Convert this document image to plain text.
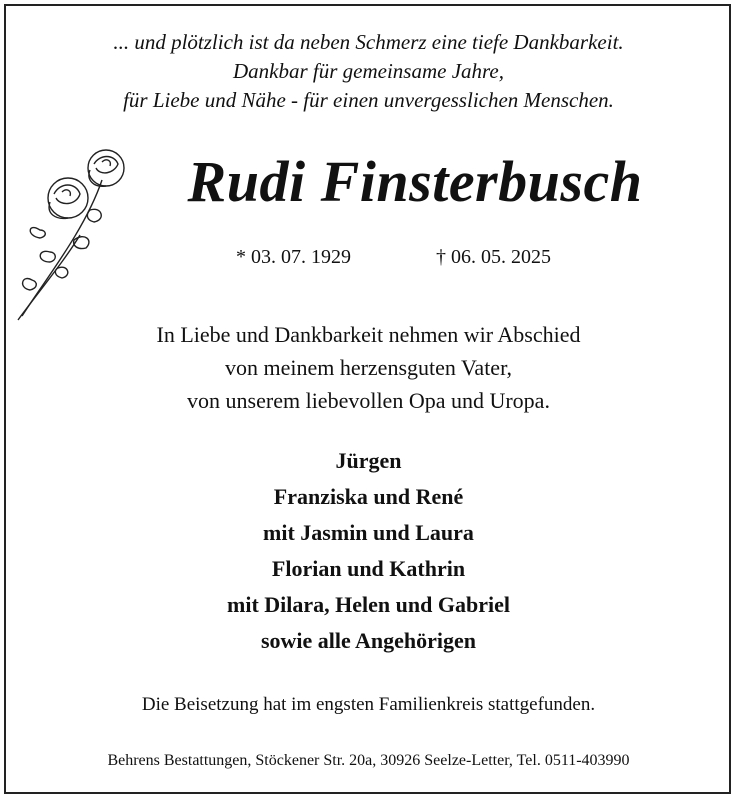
... und plötzlich ist da neben Schmerz eine tiefe Dankbarkeit.
Dankbar für gemeinsame Jahre,
für Liebe und Nähe - für einen unvergesslichen Menschen.
Rudi Finsterbusch
* 03. 07. 1929	† 06. 05. 2025
In Liebe und Dankbarkeit nehmen wir Abschied
von meinem herzensguten Vater,
von unserem liebevollen Opa und Uropa.
Jürgen
Franziska und René
mit Jasmin und Laura
Florian und Kathrin
mit Dilara, Helen und Gabriel
sowie alle Angehörigen
Die Beisetzung hat im engsten Familienkreis stattgefunden.
Behrens Bestattungen, Stöckener Str. 20a, 30926 Seelze-Letter, Tel. 0511-403990
